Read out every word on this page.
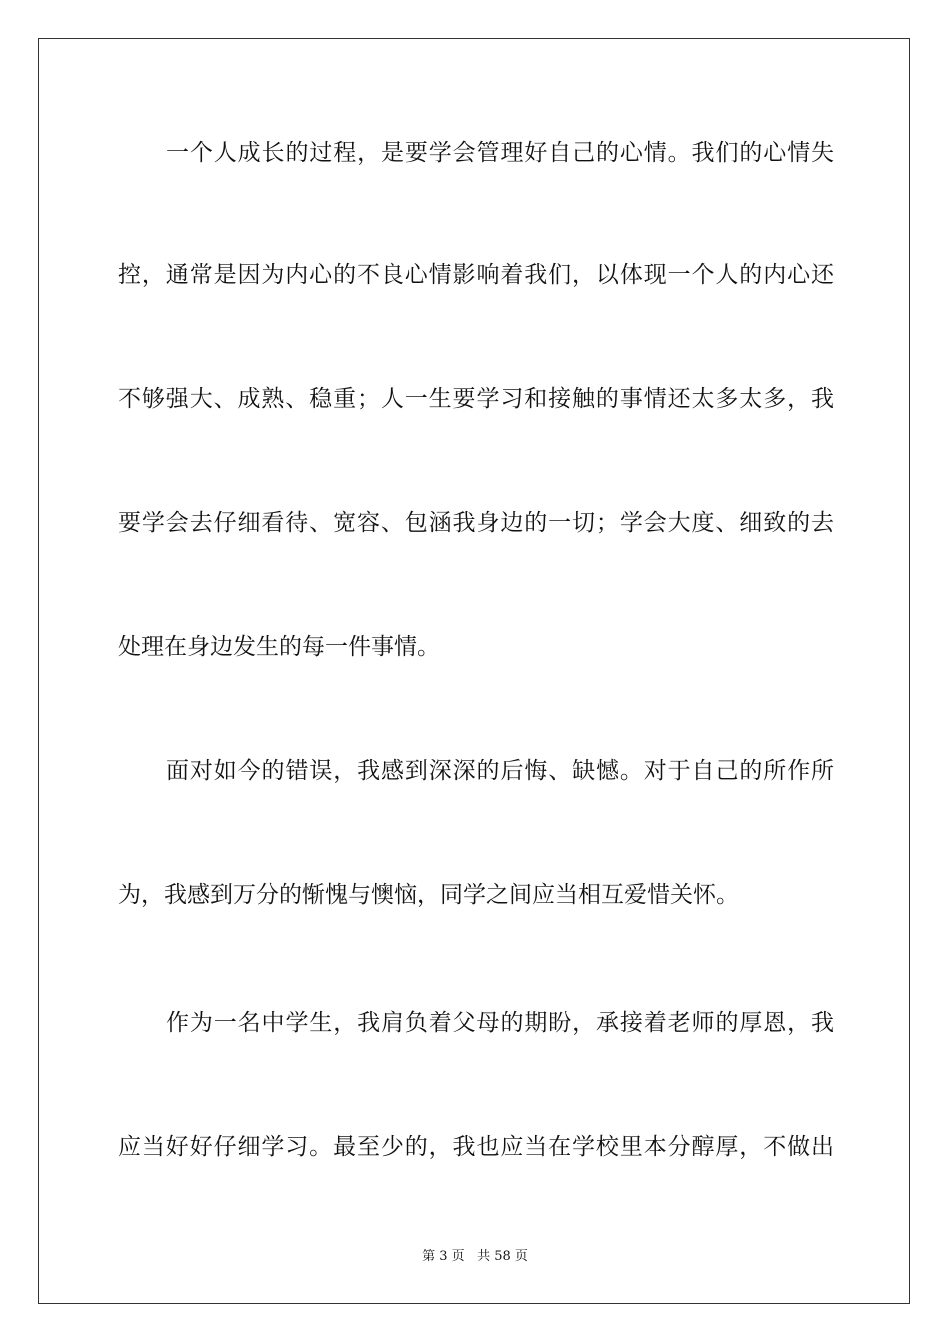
一个人成长的过程，是要学会管理好自己的心情。我们的心情失
控，通常是因为内心的不良心情影响着我们，以体现一个人的内心还
不够强大、成熟、稳重；人一生要学习和接触的事情还太多太多，我
要学会去仔细看待、宽容、包涵我身边的一切；学会大度、细致的去
处理在身边发生的每一件事情。
面对如今的错误，我感到深深的后悔、缺憾。对于自己的所作所
为，我感到万分的惭愧与懊恼，同学之间应当相互爱惜关怀。
作为一名中学生，我肩负着父母的期盼，承接着老师的厚恩，我
应当好好仔细学习。最至少的，我也应当在学校里本分醇厚，不做出
第 3 页 共 58 页
